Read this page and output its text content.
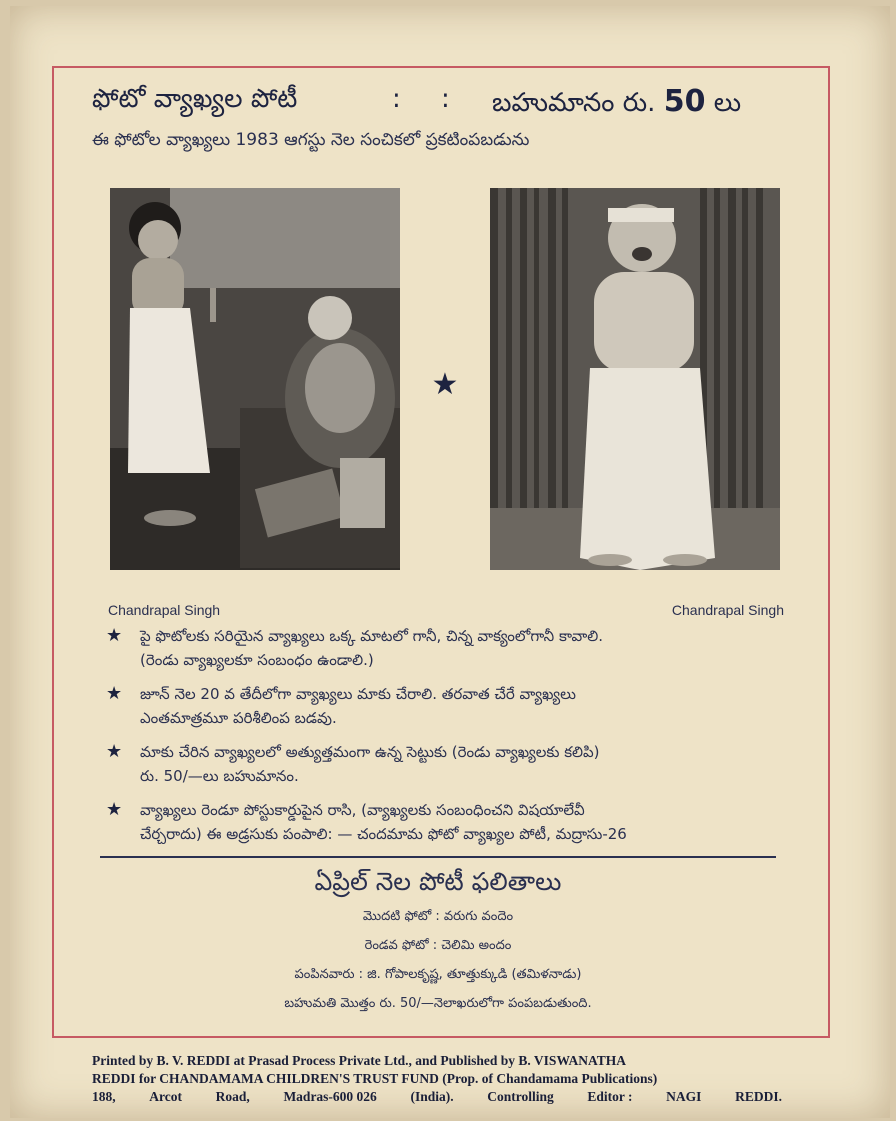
ఫోటో వ్యాఖ్యల పోటీ	: : బహుమానం రు. 50 లు
ఈ ఫోటోల వ్యాఖ్యలు 1983 ఆగస్టు నెల సంచికలో ప్రకటింపబడును
★
Chandrapal Singh	Chandrapal Singh
★ పై ఫొటోలకు సరియైన వ్యాఖ్యలు ఒక్క మాటలో గానీ, చిన్న వాక్యంలోగానీ కావాలి.
(రెండు వ్యాఖ్యలకూ సంబంధం ఉండాలి.)
★ జూన్ నెల 20 వ తేదీలోగా వ్యాఖ్యలు మాకు చేరాలి. తరవాత చేరే వ్యాఖ్యలు
ఎంతమాత్రమూ పరిశీలింప బడవు.
★ మాకు చేరిన వ్యాఖ్యలలో అత్యుత్తమంగా ఉన్న సెట్టుకు (రెండు వ్యాఖ్యలకు కలిపి)
రు. 50/—లు బహుమానం.
★ వ్యాఖ్యలు రెండూ పోస్టుకార్డుపైన రాసి, (వ్యాఖ్యలకు సంబంధించని విషయాలేవీ
చేర్చరాదు) ఈ అడ్రసుకు పంపాలి: — చందమామ ఫోటో వ్యాఖ్యల పోటీ, మద్రాసు-26
ఏప్రిల్ నెల పోటీ ఫలితాలు
మొదటి ఫోటో : వరుగు వందెం
రెండవ ఫోటో : చెలిమి అందం
పంపినవారు : జి. గోపాలకృష్ణ, తూత్తుక్కుడి (తమిళనాడు)
బహుమతి మొత్తం రు. 50/—నెలాఖరులోగా పంపబడుతుంది.
Printed by B. V. REDDI at Prasad Process Private Ltd., and Published by B. VISWANATHA
REDDI for CHANDAMAMA CHILDREN'S TRUST FUND (Prop. of Chandamama Publications)
188, Arcot Road, Madras-600 026 (India). Controlling Editor : NAGI REDDI.
